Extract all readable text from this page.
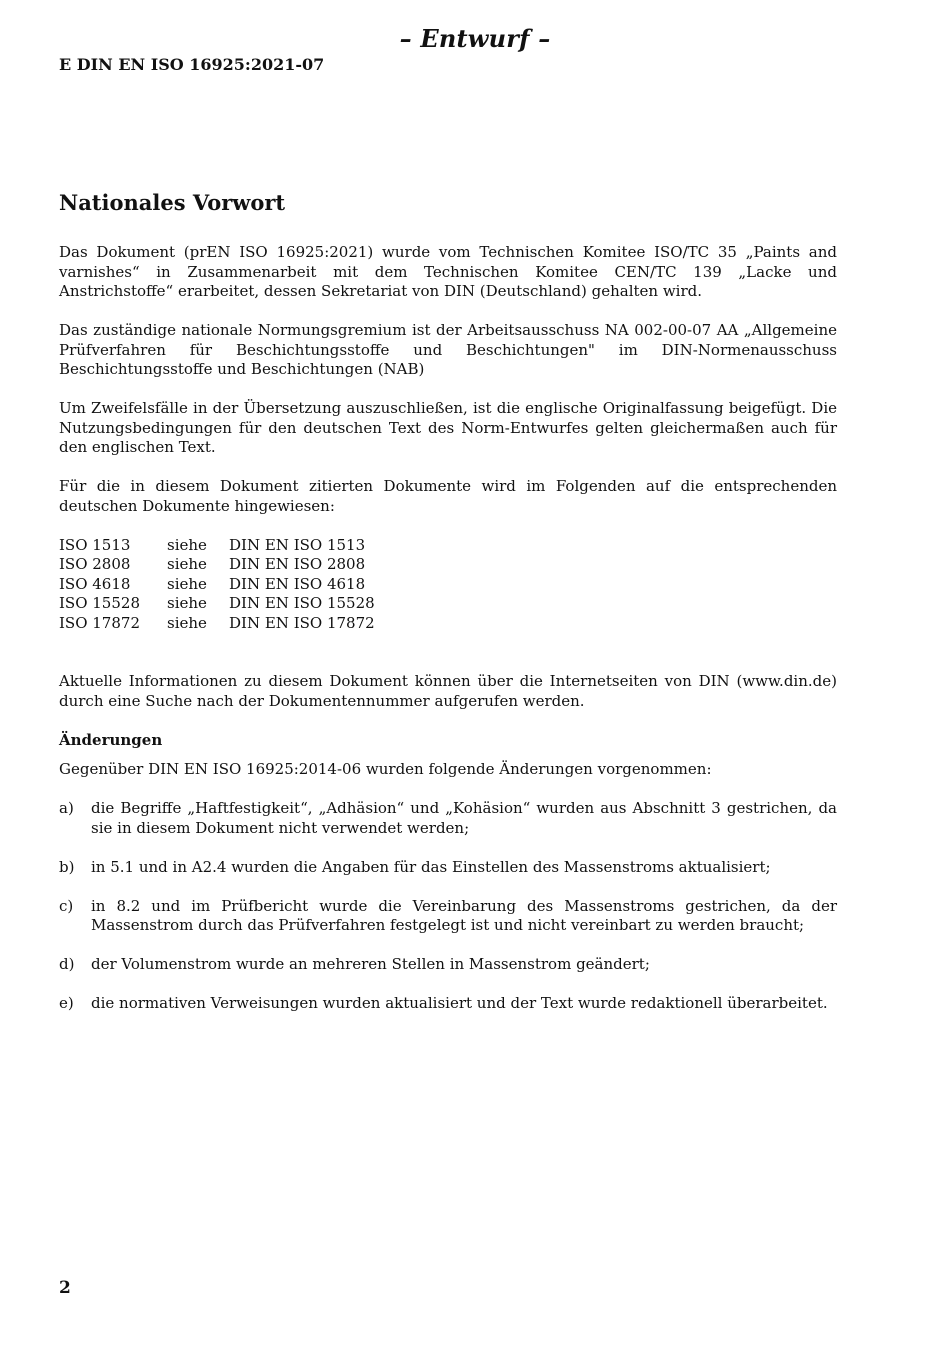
– Entwurf –
E DIN EN ISO 16925:2021-07
Nationales Vorwort

Das Dokument (prEN ISO 16925:2021) wurde vom Technischen Komitee ISO/TC 35 „Paints and varnishes“ in Zusammenarbeit mit dem Technischen Komitee CEN/TC 139 „Lacke und Anstrichstoffe“ erarbeitet, dessen Sekretariat von DIN (Deutschland) gehalten wird.

Das zuständige nationale Normungsgremium ist der Arbeitsausschuss NA 002-00-07 AA „Allgemeine Prüfverfahren für Beschichtungsstoffe und Beschichtungen" im DIN-Normenausschuss Beschichtungsstoffe und Beschichtungen (NAB)

Um Zweifelsfälle in der Übersetzung auszuschließen, ist die englische Originalfassung beigefügt. Die Nutzungsbedingungen für den deutschen Text des Norm-Entwurfes gelten gleichermaßen auch für den englischen Text.

Für die in diesem Dokument zitierten Dokumente wird im Folgenden auf die entsprechenden deutschen Dokumente hingewiesen:

ISO 1513	siehe	DIN EN ISO 1513
ISO 2808	siehe	DIN EN ISO 2808
ISO 4618	siehe	DIN EN ISO 4618
ISO 15528	siehe	DIN EN ISO 15528
ISO 17872	siehe	DIN EN ISO 17872

Aktuelle Informationen zu diesem Dokument können über die Internetseiten von DIN (www.din.de) durch eine Suche nach der Dokumentennummer aufgerufen werden.

Änderungen
Gegenüber DIN EN ISO 16925:2014-06 wurden folgende Änderungen vorgenommen:
a)	die Begriffe „Haftfestigkeit“, „Adhäsion“ und „Kohäsion“ wurden aus Abschnitt 3 gestrichen, da sie in diesem Dokument nicht verwendet werden;
b)	in 5.1 und in A2.4 wurden die Angaben für das Einstellen des Massenstroms aktualisiert;
c)	in 8.2 und im Prüfbericht wurde die Vereinbarung des Massenstroms gestrichen, da der Massenstrom durch das Prüfverfahren festgelegt ist und nicht vereinbart zu werden braucht;
d)	der Volumenstrom wurde an mehreren Stellen in Massenstrom geändert;
e)	die normativen Verweisungen wurden aktualisiert und der Text wurde redaktionell überarbeitet.
2
